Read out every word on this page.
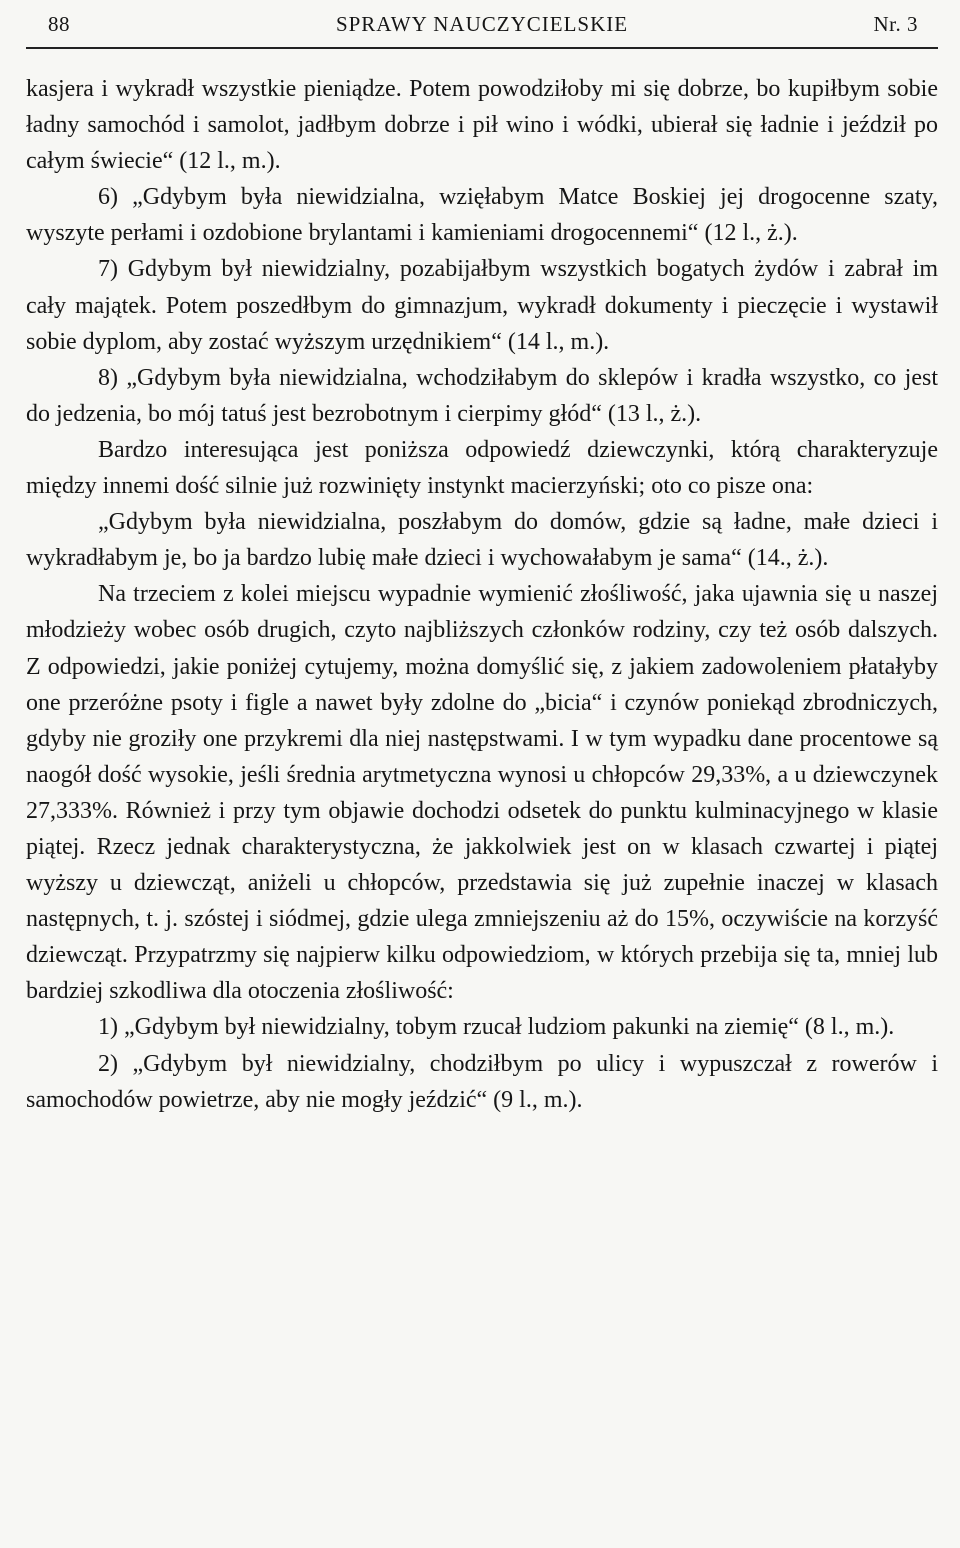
88	SPRAWY NAUCZYCIELSKIE	Nr. 3

kasjera i wykradł wszystkie pieniądze. Potem powodziłoby mi się dobrze, bo kupiłbym sobie ładny samochód i samolot, jadłbym dobrze i pił wino i wódki, ubierał się ładnie i jeździł po całym świecie“ (12 l., m.).

6) „Gdybym była niewidzialna, wzięłabym Matce Boskiej jej drogocenne szaty, wyszyte perłami i ozdobione brylantami i kamieniami drogocennemi“ (12 l., ż.).

7) Gdybym był niewidzialny, pozabijałbym wszystkich bogatych żydów i zabrał im cały majątek. Potem poszedłbym do gimnazjum, wykradł dokumenty i pieczęcie i wystawił sobie dyplom, aby zostać wyższym urzędnikiem“ (14 l., m.).

8) „Gdybym była niewidzialna, wchodziłabym do sklepów i kradła wszystko, co jest do jedzenia, bo mój tatuś jest bezrobotnym i cierpimy głód“ (13 l., ż.).

Bardzo interesująca jest poniższa odpowiedź dziewczynki, którą charakteryzuje między innemi dość silnie już rozwinięty instynkt macierzyński; oto co pisze ona:

„Gdybym była niewidzialna, poszłabym do domów, gdzie są ładne, małe dzieci i wykradłabym je, bo ja bardzo lubię małe dzieci i wychowałabym je sama“ (14., ż.).

Na trzeciem z kolei miejscu wypadnie wymienić złośliwość, jaka ujawnia się u naszej młodzieży wobec osób drugich, czyto najbliższych członków rodziny, czy też osób dalszych. Z odpowiedzi, jakie poniżej cytujemy, można domyślić się, z jakiem zadowoleniem płatałyby one przeróżne psoty i figle a nawet były zdolne do „bicia“ i czynów poniekąd zbrodniczych, gdyby nie groziły one przykremi dla niej następstwami. I w tym wypadku dane procentowe są naogół dość wysokie, jeśli średnia arytmetyczna wynosi u chłopców 29,33%, a u dziewczynek 27,333%. Również i przy tym objawie dochodzi odsetek do punktu kulminacyjnego w klasie piątej. Rzecz jednak charakterystyczna, że jakkolwiek jest on w klasach czwartej i piątej wyższy u dziewcząt, aniżeli u chłopców, przedstawia się już zupełnie inaczej w klasach następnych, t. j. szóstej i siódmej, gdzie ulega zmniejszeniu aż do 15%, oczywiście na korzyść dziewcząt. Przypatrzmy się najpierw kilku odpowiedziom, w których przebija się ta, mniej lub bardziej szkodliwa dla otoczenia złośliwość:

1) „Gdybym był niewidzialny, tobym rzucał ludziom pakunki na ziemię“ (8 l., m.).

2) „Gdybym był niewidzialny, chodziłbym po ulicy i wypuszczał z rowerów i samochodów powietrze, aby nie mogły jeździć“ (9 l., m.).
